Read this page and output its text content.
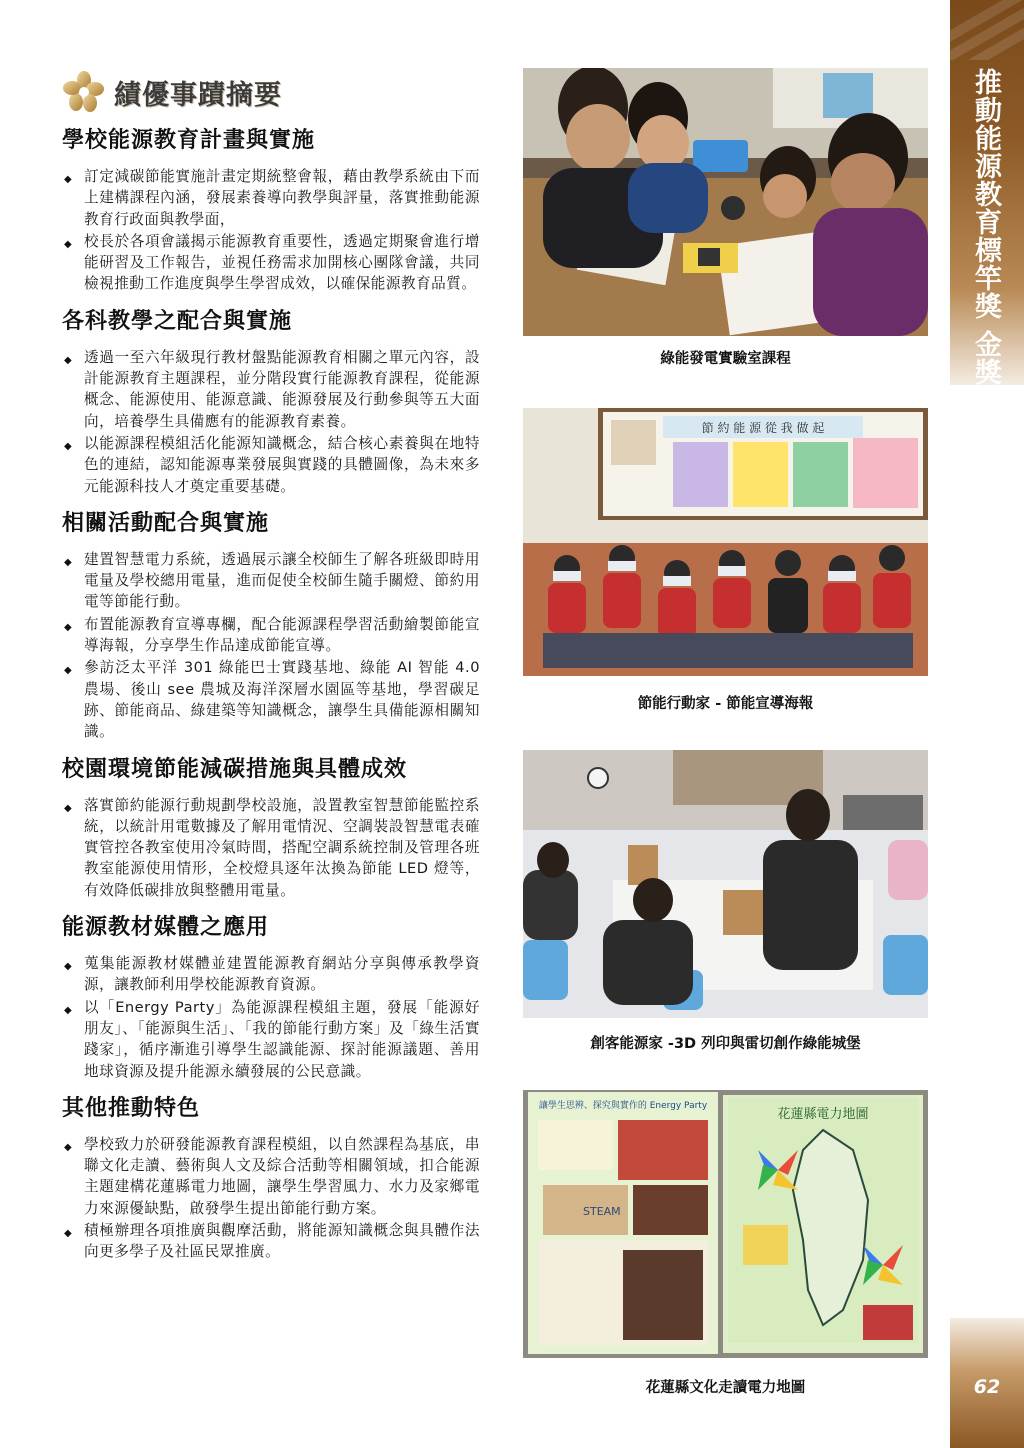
推動能源教育標竿獎 金獎
62
績優事蹟摘要
學校能源教育計畫與實施
◆ 訂定減碳節能實施計畫定期統整會報，藉由教學系統由下而上建構課程內涵，發展素養導向教學與評量，落實推動能源教育行政面與教學面，
◆ 校長於各項會議揭示能源教育重要性，透過定期聚會進行增能研習及工作報告，並視任務需求加開核心團隊會議，共同檢視推動工作進度與學生學習成效，以確保能源教育品質。
各科教學之配合與實施
◆ 透過一至六年級現行教材盤點能源教育相關之單元內容，設計能源教育主題課程，並分階段實行能源教育課程，從能源概念、能源使用、能源意識、能源發展及行動參與等五大面向，培養學生具備應有的能源教育素養。
◆ 以能源課程模組活化能源知識概念，結合核心素養與在地特色的連結，認知能源專業發展與實踐的具體圖像，為未來多元能源科技人才奠定重要基礎。
相關活動配合與實施
◆ 建置智慧電力系統，透過展示讓全校師生了解各班級即時用電量及學校總用電量，進而促使全校師生隨手關燈、節約用電等節能行動。
◆ 布置能源教育宣導專欄，配合能源課程學習活動繪製節能宣導海報，分享學生作品達成節能宣導。
◆ 參訪泛太平洋 301 綠能巴士實踐基地、綠能 AI 智能 4.0 農場、後山 see 農城及海洋深層水園區等基地，學習碳足跡、節能商品、綠建築等知識概念，讓學生具備能源相關知識。
校園環境節能減碳措施與具體成效
◆ 落實節約能源行動規劃學校設施，設置教室智慧節能監控系統，以統計用電數據及了解用電情況、空調裝設智慧電表確實管控各教室使用冷氣時間，搭配空調系統控制及管理各班教室能源使用情形，全校燈具逐年汰換為節能 LED 燈等，有效降低碳排放與整體用電量。
能源教材媒體之應用
◆ 蒐集能源教材媒體並建置能源教育網站分享與傳承教學資源，讓教師利用學校能源教育資源。
◆ 以「Energy Party」為能源課程模組主題，發展「能源好朋友」、「能源與生活」、「我的節能行動方案」及「綠生活實踐家」，循序漸進引導學生認識能源、探討能源議題、善用地球資源及提升能源永續發展的公民意識。
其他推動特色
◆ 學校致力於研發能源教育課程模組，以自然課程為基底，串聯文化走讀、藝術與人文及綜合活動等相關領域，扣合能源主題建構花蓮縣電力地圖，讓學生學習風力、水力及家鄉電力來源優缺點，啟發學生提出節能行動方案。
◆ 積極辦理各項推廣與觀摩活動，將能源知識概念與具體作法向更多學子及社區民眾推廣。
綠能發電實驗室課程
節 約 能 源 從 我 做 起
節能行動家 - 節能宣導海報
創客能源家 -3D 列印與雷切創作綠能城堡
讓學生思辨、探究與實作的 Energy Party
STEAM
花蓮縣電力地圖
花蓮縣文化走讀電力地圖
